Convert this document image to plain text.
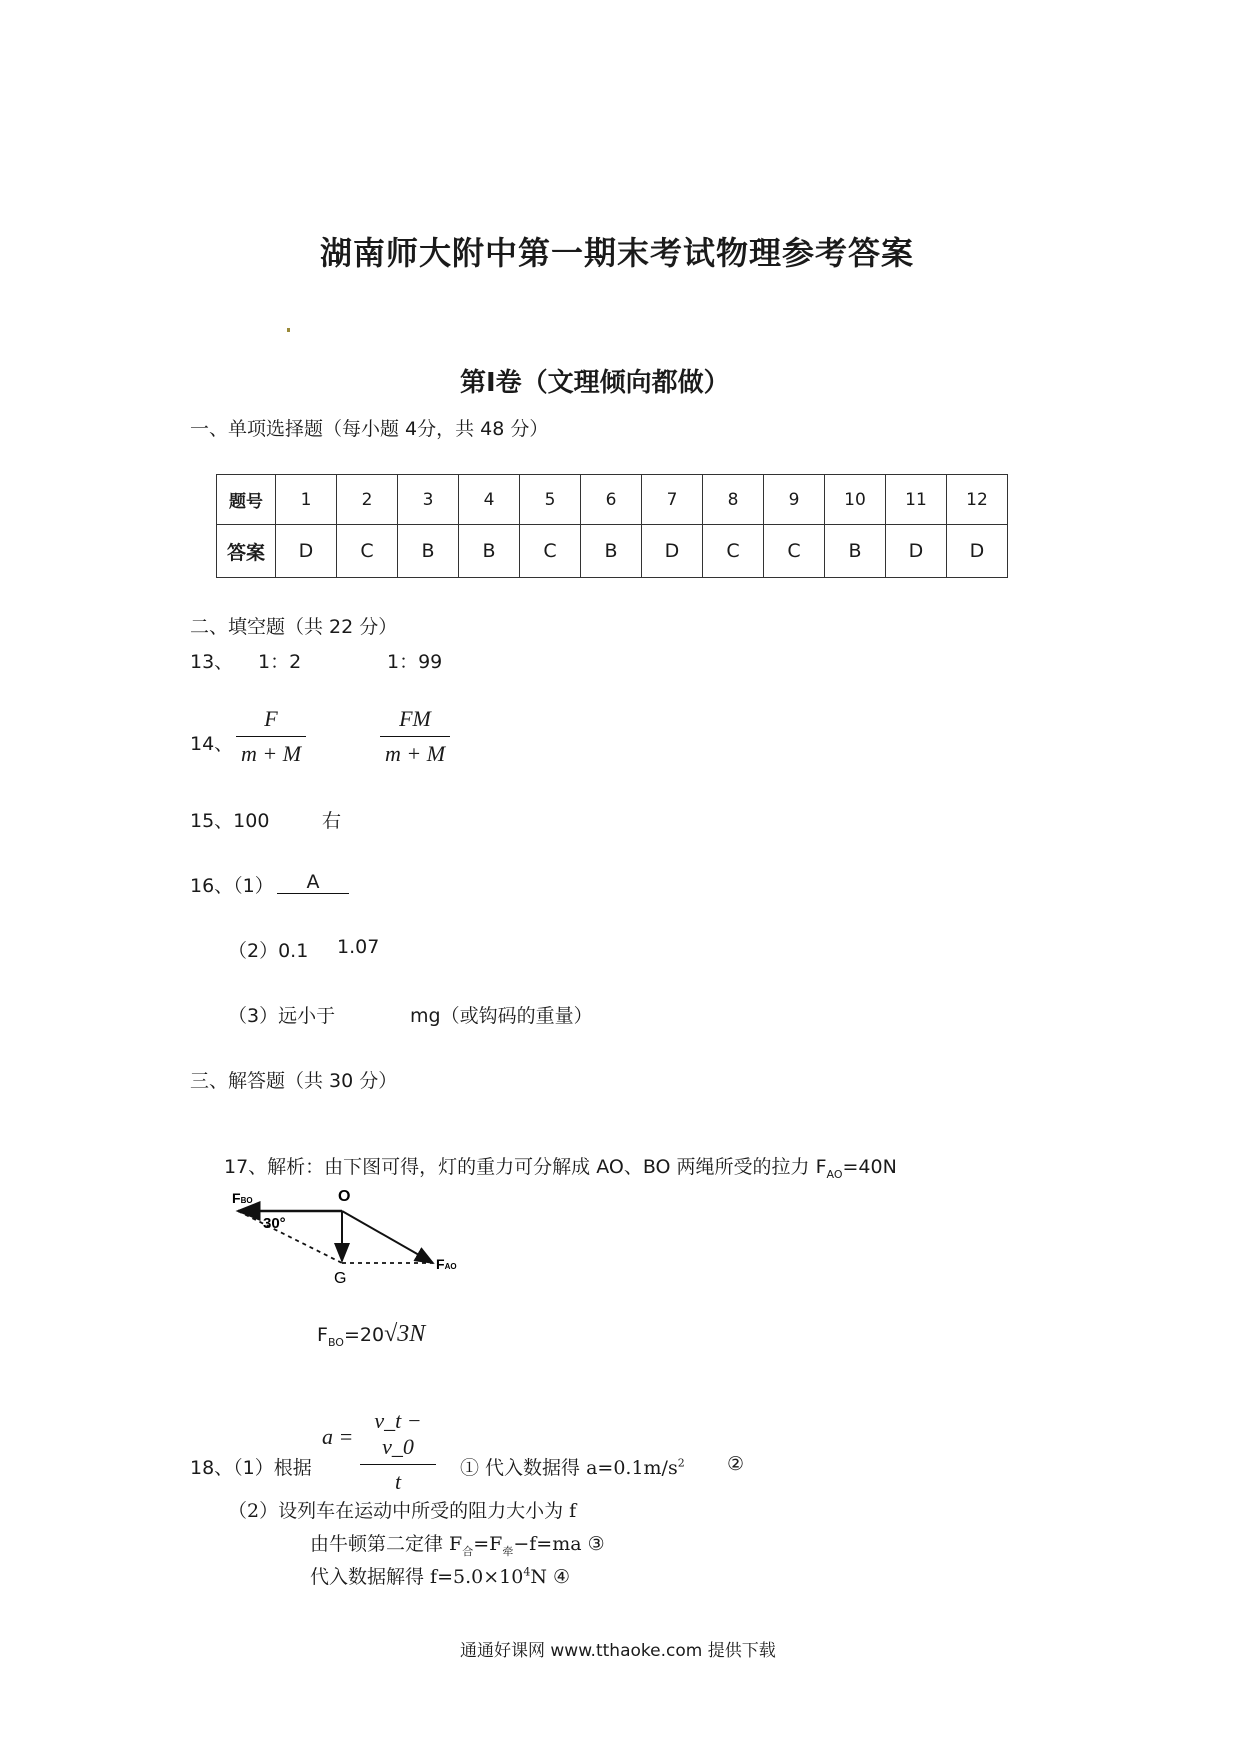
湖南师大附中第一期末考试物理参考答案
第Ⅰ卷（文理倾向都做）
一、单项选择题（每小题 4分，共 48 分）
题号	1	2	3	4	5	6	7	8	9	10	11	12
答案	D	C	B	B	C	B	D	C	C	B	D	D
二、填空题（共 22 分）
13、 1：2	1：99
14、
F
m + M
FM
m + M
15、100	右
16、（1）	A
（2）0.1 1.07
（3）远小于	mg（或钩码的重量）
三、解答题（共 30 分）
17、解析：由下图可得，灯的重力可分解成 AO、BO 两绳所受的拉力 $F_{AO}=40N$
FBO
30°
O
G
FAO
$F_{BO}=20√3N$
18、（1）根据
a =
v_t − v_0
t
① 代入数据得 $a=0.1m/s^2$ ②
（2）设列车在运动中所受的阻力大小为 f
由牛顿第二定律 $F_合=F_牵-f=ma$ ③
代入数据解得 $f=5.0\times 10^4N$ ④
通通好课网 www.tthaoke.com 提供下载
